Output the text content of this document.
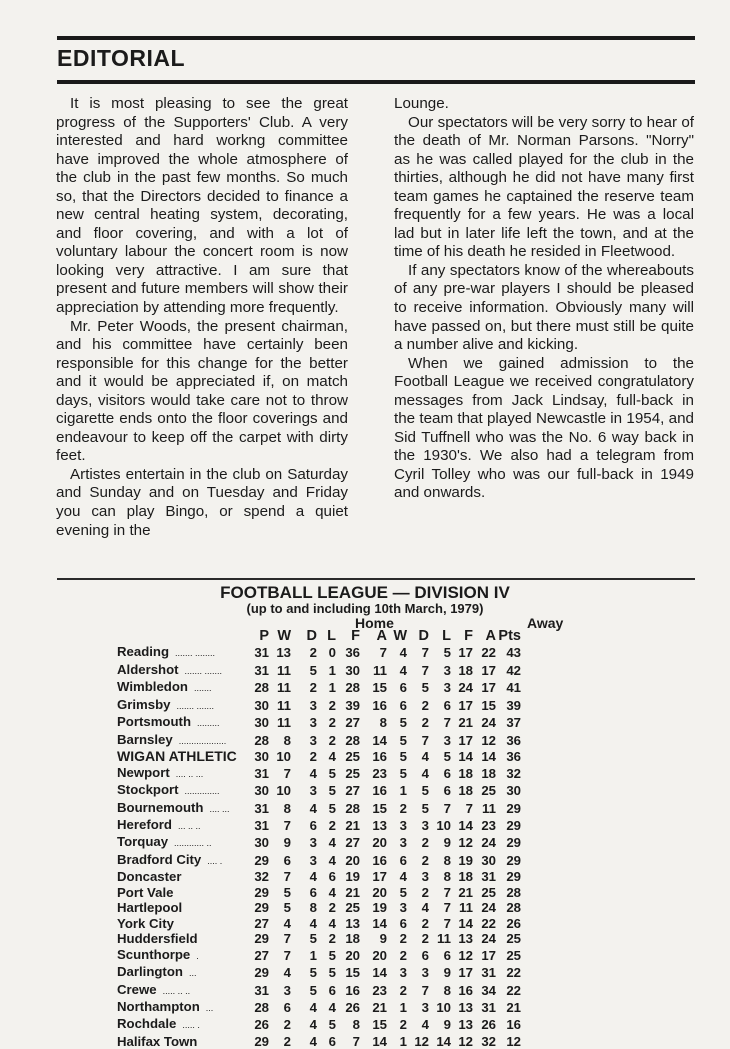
EDITORIAL

It is most pleasing to see the great progress of the Supporters' Club. A very interested and hard workng committee have improved the whole atmosphere of the club in the past few months. So much so, that the Directors decided to finance a new central heating system, decorating, and floor covering, and with a lot of voluntary labour the concert room is now looking very attractive. I am sure that present and future members will show their appreciation by attending more frequently.

Mr. Peter Woods, the present chairman, and his committee have certainly been responsible for this change for the better and it would be appreciated if, on match days, visitors would take care not to throw cigarette ends onto the floor coverings and endeavour to keep off the carpet with dirty feet.

Artistes entertain in the club on Saturday and Sunday and on Tuesday and Friday you can play Bingo, or spend a quiet evening in the

Lounge.

Our spectators will be very sorry to hear of the death of Mr. Norman Parsons. "Norry" as he was called played for the club in the thirties, although he did not have many first team games he captained the reserve team frequently for a few years. He was a local lad but in later life left the town, and at the time of his death he resided in Fleetwood.

If any spectators know of the whereabouts of any pre-war players I should be pleased to receive information. Obviously many will have passed on, but there must still be quite a number alive and kicking.

When we gained admission to the Football League we received congratulatory messages from Jack Lindsay, full-back in the team that played Newcastle in 1954, and Sid Tuffnell who was the No. 6 way back in the 1930's. We also had a telegram from Cyril Tolley who was our full-back in 1949 and onwards.

FOOTBALL LEAGUE — DIVISION IV
(up to and including 10th March, 1979)
Home	Away
	P	W	D	L	F	A	W	D	L	F	A	Pts
Reading ....... ........	31	13	2	0	36	7	4	7	5	17	22	43
Aldershot ....... .......	31	11	5	1	30	11	4	7	3	18	17	42
Wimbledon .......	28	11	2	1	28	15	6	5	3	24	17	41
Grimsby ....... .......	30	11	3	2	39	16	6	2	6	17	15	39
Portsmouth .........	30	11	3	2	27	8	5	2	7	21	24	37
Barnsley ...................	28	8	3	2	28	14	5	7	3	17	12	36
WIGAN ATHLETIC	30	10	2	4	25	16	5	4	5	14	14	36
Newport .... .. ...	31	7	4	5	25	23	5	4	6	18	18	32
Stockport ..............	30	10	3	5	27	16	1	5	6	18	25	30
Bournemouth .... ...	31	8	4	5	28	15	2	5	7	7	11	29
Hereford ... .. ..	31	7	6	2	21	13	3	3	10	14	23	29
Torquay ............ ..	30	9	3	4	27	20	3	2	9	12	24	29
Bradford City .... .	29	6	3	4	20	16	6	2	8	19	30	29
Doncaster	32	7	4	6	19	17	4	3	8	18	31	29
Port Vale	29	5	6	4	21	20	5	2	7	21	25	28
Hartlepool	29	5	8	2	25	19	3	4	7	11	24	28
York City	27	4	4	4	13	14	6	2	7	14	22	26
Huddersfield	29	7	5	2	18	9	2	2	11	13	24	25
Scunthorpe .	27	7	1	5	20	20	2	6	6	12	17	25
Darlington ...	29	4	5	5	15	14	3	3	9	17	31	22
Crewe ..... .. ..	31	3	5	6	16	23	2	7	8	16	34	22
Northampton ...	28	6	4	4	26	21	1	3	10	13	31	21
Rochdale ..... .	26	2	4	5	8	15	2	4	9	13	26	16
Halifax Town	29	2	4	6	7	14	1	12	14	12	32	12
